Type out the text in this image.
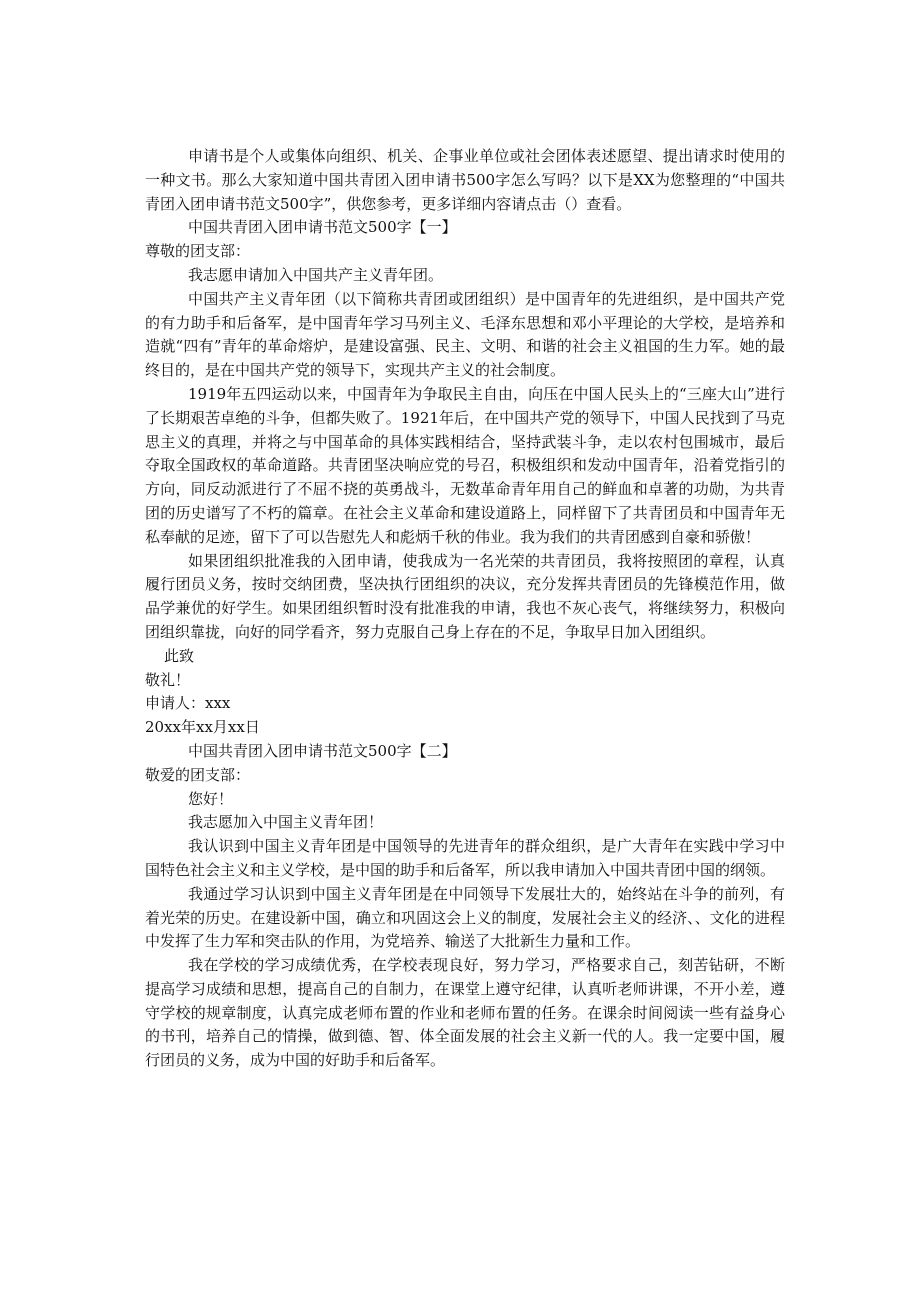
申请书是个人或集体向组织、机关、企事业单位或社会团体表述愿望、提出请求时使用的一种文书。那么大家知道中国共青团入团申请书500字怎么写吗？以下是XX为您整理的“中国共青团入团申请书范文500字”，供您参考，更多详细内容请点击（）查看。

中国共青团入团申请书范文500字【一】

尊敬的团支部：

我志愿申请加入中国共产主义青年团。

中国共产主义青年团（以下简称共青团或团组织）是中国青年的先进组织，是中国共产党的有力助手和后备军，是中国青年学习马列主义、毛泽东思想和邓小平理论的大学校，是培养和造就“四有”青年的革命熔炉，是建设富强、民主、文明、和谐的社会主义祖国的生力军。她的最终目的，是在中国共产党的领导下，实现共产主义的社会制度。

1919年五四运动以来，中国青年为争取民主自由，向压在中国人民头上的“三座大山”进行了长期艰苦卓绝的斗争，但都失败了。1921年后，在中国共产党的领导下，中国人民找到了马克思主义的真理，并将之与中国革命的具体实践相结合，坚持武装斗争，走以农村包围城市，最后夺取全国政权的革命道路。共青团坚决响应党的号召，积极组织和发动中国青年，沿着党指引的方向，同反动派进行了不屈不挠的英勇战斗，无数革命青年用自己的鲜血和卓著的功勋，为共青团的历史谱写了不朽的篇章。在社会主义革命和建设道路上，同样留下了共青团员和中国青年无私奉献的足迹，留下了可以告慰先人和彪炳千秋的伟业。我为我们的共青团感到自豪和骄傲！

如果团组织批准我的入团申请，使我成为一名光荣的共青团员，我将按照团的章程，认真履行团员义务，按时交纳团费，坚决执行团组织的决议，充分发挥共青团员的先锋模范作用，做品学兼优的好学生。如果团组织暂时没有批准我的申请，我也不灰心丧气，将继续努力，积极向团组织靠拢，向好的同学看齐，努力克服自己身上存在的不足，争取早日加入团组织。

此致

敬礼！

申请人：xxx

20xx年xx月xx日

中国共青团入团申请书范文500字【二】

敬爱的团支部：

您好！

我志愿加入中国主义青年团！

我认识到中国主义青年团是中国领导的先进青年的群众组织，是广大青年在实践中学习中国特色社会主义和主义学校，是中国的助手和后备军，所以我申请加入中国共青团中国的纲领。

我通过学习认识到中国主义青年团是在中同领导下发展壮大的，始终站在斗争的前列，有着光荣的历史。在建设新中国，确立和巩固这会上义的制度，发展社会主义的经济、、文化的进程中发挥了生力军和突击队的作用，为党培养、输送了大批新生力量和工作。

我在学校的学习成绩优秀，在学校表现良好，努力学习，严格要求自己，刻苦钻研，不断提高学习成绩和思想，提高自己的自制力，在课堂上遵守纪律，认真听老师讲课，不开小差，遵守学校的规章制度，认真完成老师布置的作业和老师布置的任务。在课余时间阅读一些有益身心的书刊，培养自己的情操，做到德、智、体全面发展的社会主义新一代的人。我一定要中国，履行团员的义务，成为中国的好助手和后备军。
